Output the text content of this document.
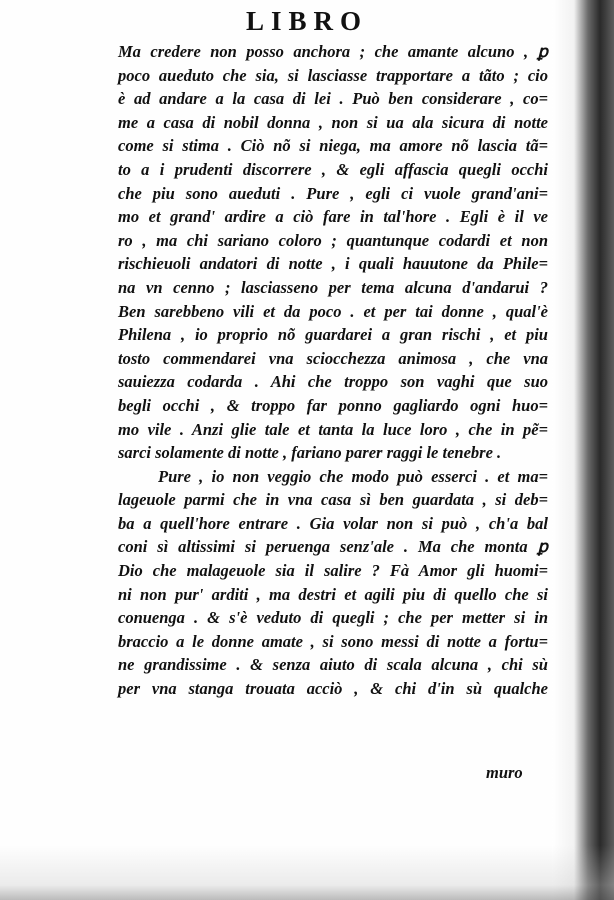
LIBRO
Ma credere non posso anchora ; che amante alcuno , ꝑ
poco aueduto che sia, si lasciasse trapportare a tãto ; cio
è ad andare a la casa di lei . Può ben considerare , co=
me a casa di nobil donna , non si ua ala sicura di notte
come si stima . Ciò nõ si niega, ma amore nõ lascia tã=
to a i prudenti discorrere , & egli affascia quegli occhi
che piu sono aueduti . Pure , egli ci vuole grand'ani=
mo et grand' ardire a ciò fare in tal'hore . Egli è il ve
ro , ma chi sariano coloro ; quantunque codardi et non
rischieuoli andatori di notte , i quali hauutone da Phile=
na vn cenno ; lasciasseno per tema alcuna d'andarui ?
Ben sarebbeno vili et da poco . et per tai donne , qual'è
Philena , io proprio nõ guardarei a gran rischi , et piu
tosto commendarei vna sciocchezza animosa , che vna
sauiezza codarda . Ahi che troppo son vaghi que suo
begli occhi , & troppo far ponno gagliardo ogni huo=
mo vile . Anzi glie tale et tanta la luce loro , che in pẽ=
sarci solamente di notte , fariano parer raggi le tenebre .
Pure , io non veggio che modo può esserci . et ma=
lageuole parmi che in vna casa sì ben guardata , si deb=
ba a quell'hore entrare . Gia volar non si può , ch'a bal
coni sì altissimi si peruenga senz'ale . Ma che monta ꝑ
Dio che malageuole sia il salire ? Fà Amor gli huomi=
ni non pur' arditi , ma destri et agili piu di quello che si
conuenga . & s'è veduto di quegli ; che per metter si in
braccio a le donne amate , si sono messi di notte a fortu=
ne grandissime . & senza aiuto di scala alcuna , chi sù
per vna stanga trouata acciò , & chi d'in sù qualche
muro
